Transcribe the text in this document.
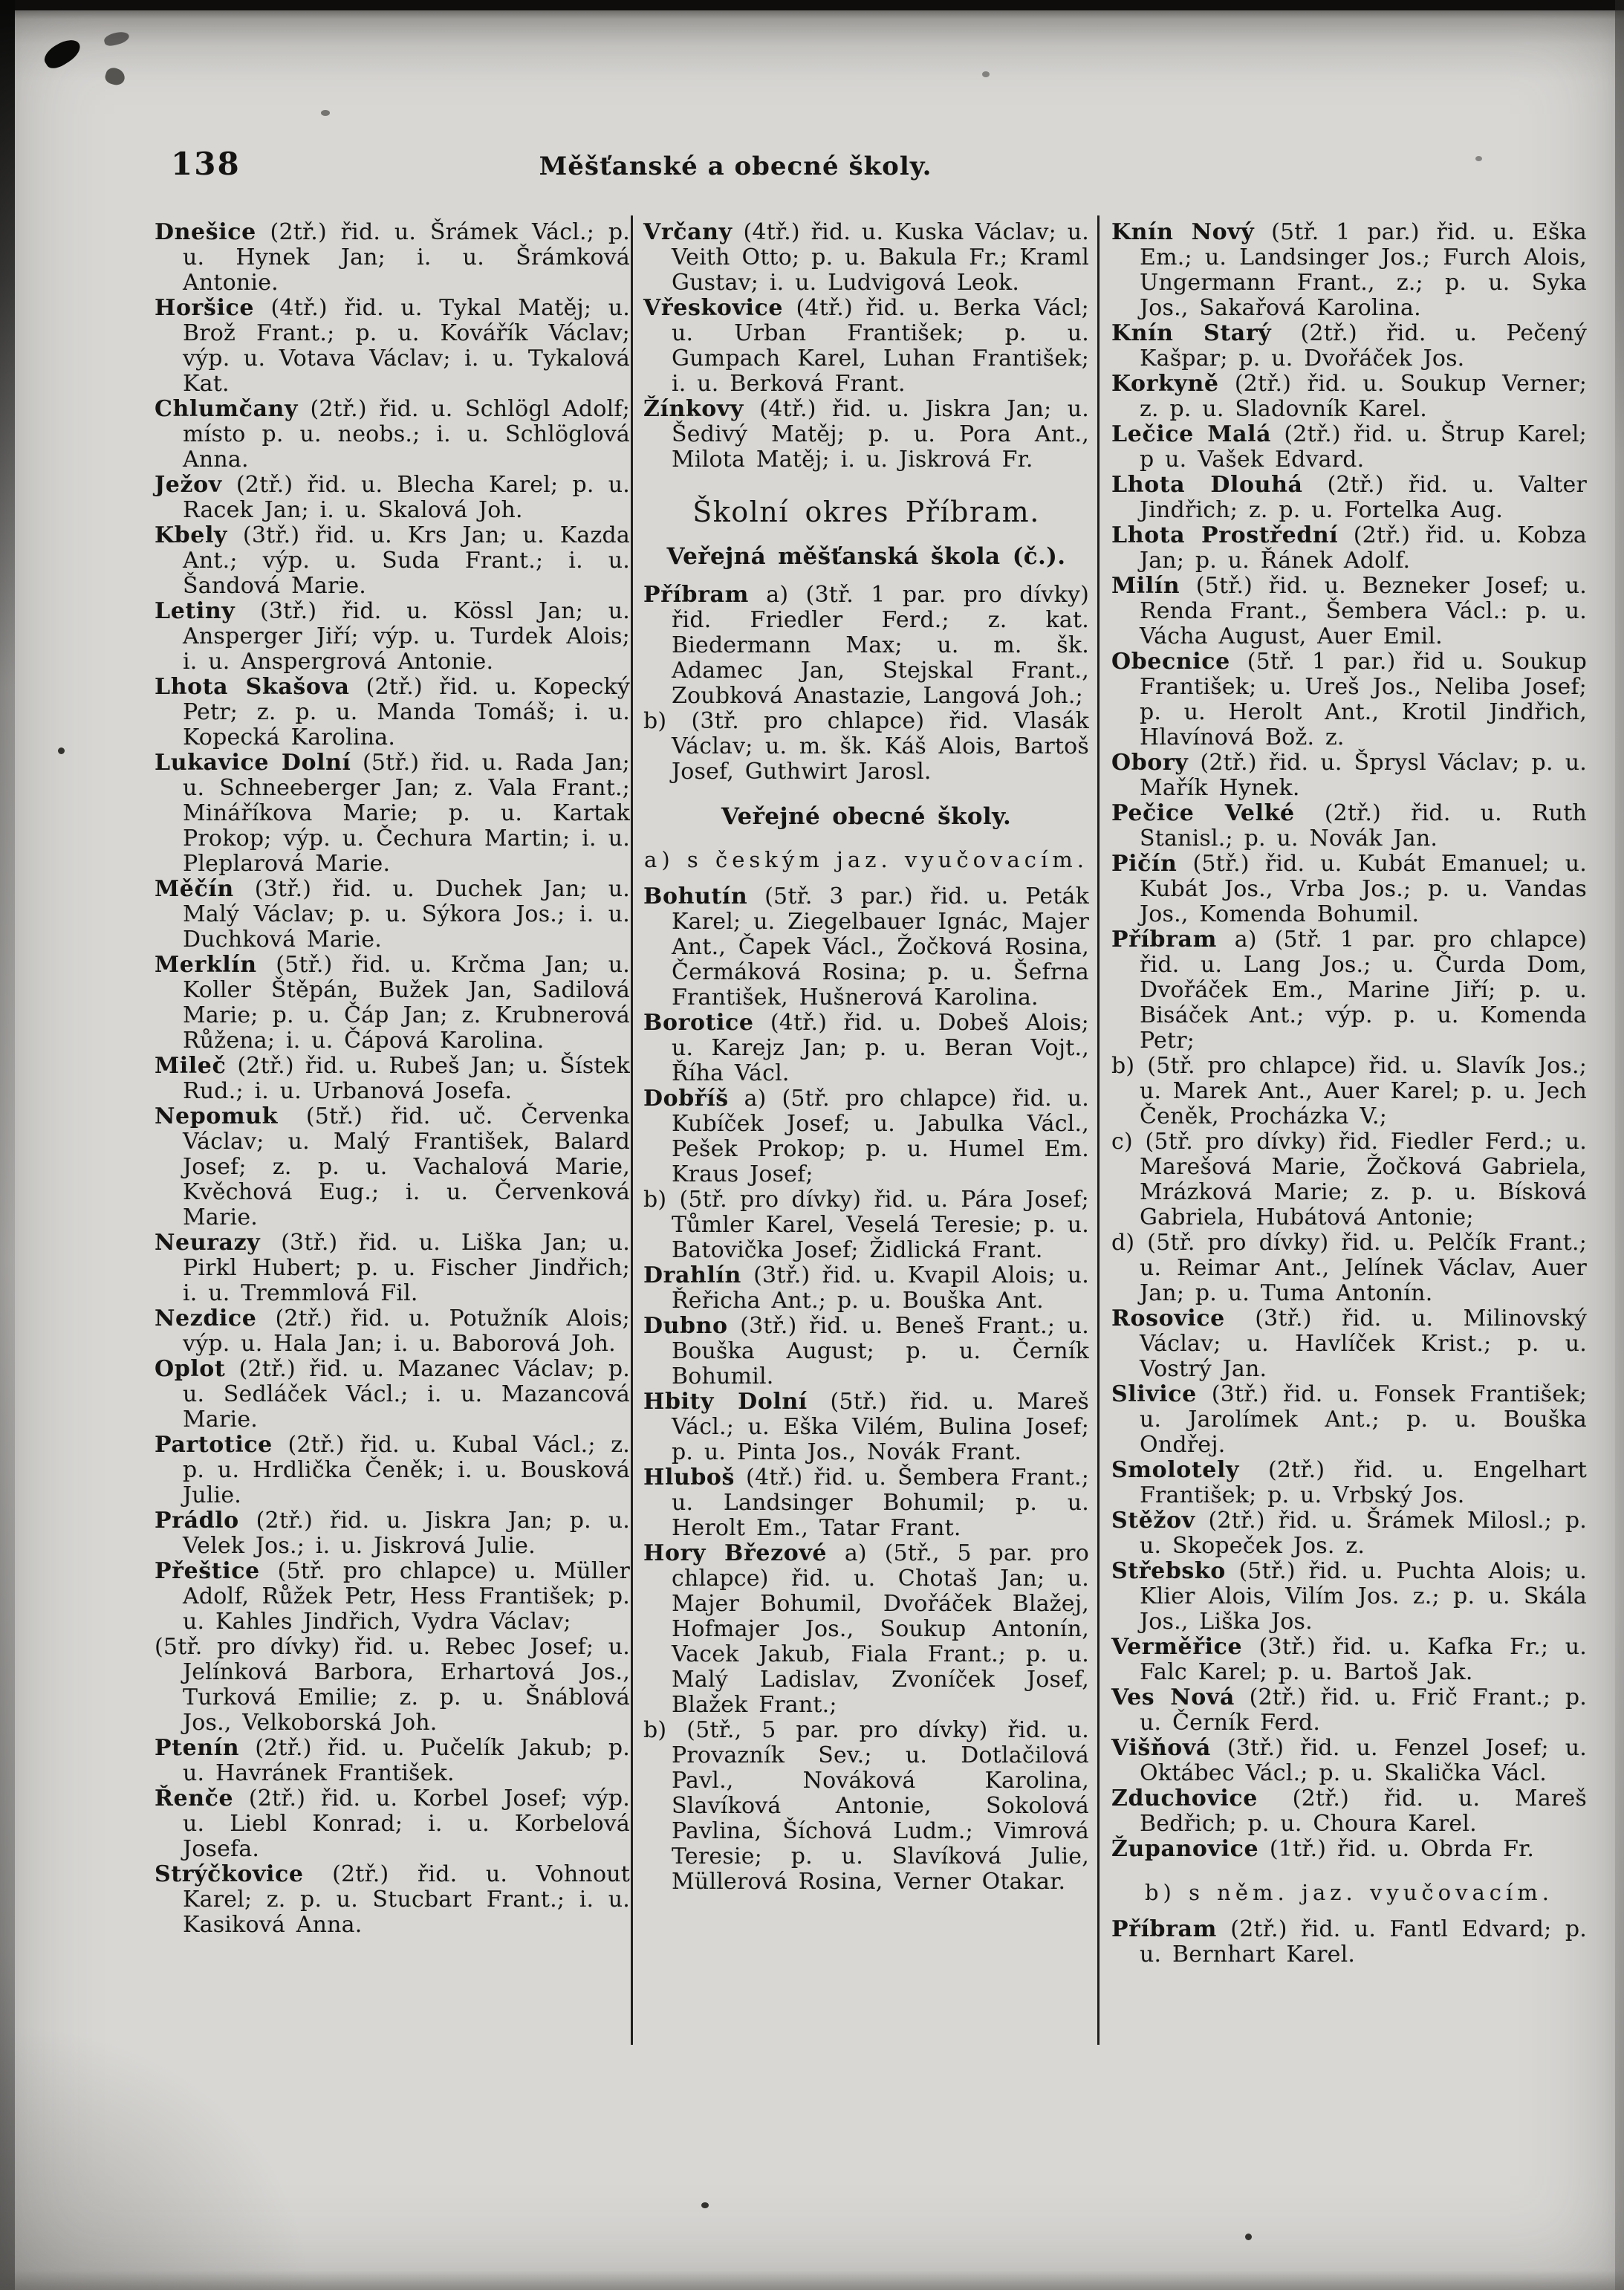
138	Měšťanské a obecné školy.

Dnešice (2tř.) řid. u. Šrámek Václ.; p. u. Hynek Jan; i. u. Šrámková Antonie.

Horšice (4tř.) řid. u. Tykal Matěj; u. Brož Frant.; p. u. Kovářík Václav; výp. u. Votava Václav; i. u. Tykalová Kat.

Chlumčany (2tř.) řid. u. Schlögl Adolf; místo p. u. neobs.; i. u. Schlöglová Anna.

Ježov (2tř.) řid. u. Blecha Karel; p. u. Racek Jan; i. u. Skalová Joh.

Kbely (3tř.) řid. u. Krs Jan; u. Kazda Ant.; výp. u. Suda Frant.; i. u. Šandová Marie.

Letiny (3tř.) řid. u. Kössl Jan; u. Ansperger Jiří; výp. u. Turdek Alois; i. u. Anspergrová Antonie.

Lhota Skašova (2tř.) řid. u. Kopecký Petr; z. p. u. Manda Tomáš; i. u. Kopecká Karolina.

Lukavice Dolní (5tř.) řid. u. Rada Jan; u. Schneeberger Jan; z. Vala Frant.; Mináříkova Marie; p. u. Kartak Prokop; výp. u. Čechura Martin; i. u. Pleplarová Marie.

Měčín (3tř.) řid. u. Duchek Jan; u. Malý Václav; p. u. Sýkora Jos.; i. u. Duchková Marie.

Merklín (5tř.) řid. u. Krčma Jan; u. Koller Štěpán, Bužek Jan, Sadilová Marie; p. u. Čáp Jan; z. Krubnerová Růžena; i. u. Čápová Karolina.

Mileč (2tř.) řid. u. Rubeš Jan; u. Šístek Rud.; i. u. Urbanová Josefa.

Nepomuk (5tř.) řid. uč. Červenka Václav; u. Malý František, Balard Josef; z. p. u. Vachalová Marie, Kvěchová Eug.; i. u. Červenková Marie.

Neurazy (3tř.) řid. u. Liška Jan; u. Pirkl Hubert; p. u. Fischer Jindřich; i. u. Tremmlová Fil.

Nezdice (2tř.) řid. u. Potužník Alois; výp. u. Hala Jan; i. u. Baborová Joh.

Oplot (2tř.) řid. u. Mazanec Václav; p. u. Sedláček Václ.; i. u. Mazancová Marie.

Partotice (2tř.) řid. u. Kubal Václ.; z. p. u. Hrdlička Čeněk; i. u. Bousková Julie.

Prádlo (2tř.) řid. u. Jiskra Jan; p. u. Velek Jos.; i. u. Jiskrová Julie.

Přeštice (5tř. pro chlapce) u. Müller Adolf, Růžek Petr, Hess František; p. u. Kahles Jindřich, Vydra Václav;

(5tř. pro dívky) řid. u. Rebec Josef; u. Jelínková Barbora, Erhartová Jos., Turková Emilie; z. p. u. Šnáblová Jos., Velkoborská Joh.

Ptenín (2tř.) řid. u. Pučelík Jakub; p. u. Havránek František.

Řenče (2tř.) řid. u. Korbel Josef; výp. u. Liebl Konrad; i. u. Korbelová Josefa.

Strýčkovice (2tř.) řid. u. Vohnout Karel; z. p. u. Stucbart Frant.; i. u. Kasiková Anna.

Vrčany (4tř.) řid. u. Kuska Václav; u. Veith Otto; p. u. Bakula Fr.; Kraml Gustav; i. u. Ludvigová Leok.

Vřeskovice (4tř.) řid. u. Berka Václ; u. Urban František; p. u. Gumpach Karel, Luhan František; i. u. Berková Frant.

Žínkovy (4tř.) řid. u. Jiskra Jan; u. Šedivý Matěj; p. u. Pora Ant., Milota Matěj; i. u. Jiskrová Fr.

Školní okres Příbram.

Veřejná měšťanská škola (č.).

Příbram a) (3tř. 1 par. pro dívky) řid. Friedler Ferd.; z. kat. Biedermann Max; u. m. šk. Adamec Jan, Stejskal Frant., Zoubková Anastazie, Langová Joh.;

b) (3tř. pro chlapce) řid. Vlasák Václav; u. m. šk. Káš Alois, Bartoš Josef, Guthwirt Jarosl.

Veřejné obecné školy.

a) s českým jaz. vyučovacím.

Bohutín (5tř. 3 par.) řid. u. Peták Karel; u. Ziegelbauer Ignác, Majer Ant., Čapek Václ., Žočková Rosina, Čermáková Rosina; p. u. Šefrna František, Hušnerová Karolina.

Borotice (4tř.) řid. u. Dobeš Alois; u. Karejz Jan; p. u. Beran Vojt., Říha Václ.

Dobříš a) (5tř. pro chlapce) řid. u. Kubíček Josef; u. Jabulka Václ., Pešek Prokop; p. u. Humel Em. Kraus Josef;

b) (5tř. pro dívky) řid. u. Pára Josef; Tůmler Karel, Veselá Teresie; p. u. Batovička Josef; Židlická Frant.

Drahlín (3tř.) řid. u. Kvapil Alois; u. Řeřicha Ant.; p. u. Bouška Ant.

Dubno (3tř.) řid. u. Beneš Frant.; u. Bouška August; p. u. Černík Bohumil.

Hbity Dolní (5tř.) řid. u. Mareš Václ.; u. Eška Vilém, Bulina Josef; p. u. Pinta Jos., Novák Frant.

Hluboš (4tř.) řid. u. Šembera Frant.; u. Landsinger Bohumil; p. u. Herolt Em., Tatar Frant.

Hory Březové a) (5tř., 5 par. pro chlapce) řid. u. Chotaš Jan; u. Majer Bohumil, Dvořáček Blažej, Hofmajer Jos., Soukup Antonín, Vacek Jakub, Fiala Frant.; p. u. Malý Ladislav, Zvoníček Josef, Blažek Frant.;

b) (5tř., 5 par. pro dívky) řid. u. Provazník Sev.; u. Dotlačilová Pavl., Nováková Karolina, Slavíková Antonie, Sokolová Pavlina, Šíchová Ludm.; Vimrová Teresie; p. u. Slavíková Julie, Müllerová Rosina, Verner Otakar.

Knín Nový (5tř. 1 par.) řid. u. Eška Em.; u. Landsinger Jos.; Furch Alois, Ungermann Frant., z.; p. u. Syka Jos., Sakařová Karolina.

Knín Starý (2tř.) řid. u. Pečený Kašpar; p. u. Dvořáček Jos.

Korkyně (2tř.) řid. u. Soukup Verner; z. p. u. Sladovník Karel.

Lečice Malá (2tř.) řid. u. Štrup Karel; p u. Vašek Edvard.

Lhota Dlouhá (2tř.) řid. u. Valter Jindřich; z. p. u. Fortelka Aug.

Lhota Prostřední (2tř.) řid. u. Kobza Jan; p. u. Řánek Adolf.

Milín (5tř.) řid. u. Bezneker Josef; u. Renda Frant., Šembera Václ.: p. u. Vácha August, Auer Emil.

Obecnice (5tř. 1 par.) řid u. Soukup František; u. Ureš Jos., Neliba Josef; p. u. Herolt Ant., Krotil Jindřich, Hlavínová Bož. z.

Obory (2tř.) řid. u. Šprysl Václav; p. u. Mařík Hynek.

Pečice Velké (2tř.) řid. u. Ruth Stanisl.; p. u. Novák Jan.

Pičín (5tř.) řid. u. Kubát Emanuel; u. Kubát Jos., Vrba Jos.; p. u. Vandas Jos., Komenda Bohumil.

Příbram a) (5tř. 1 par. pro chlapce) řid. u. Lang Jos.; u. Čurda Dom, Dvořáček Em., Marine Jiří; p. u. Bisáček Ant.; výp. p. u. Komenda Petr;

b) (5tř. pro chlapce) řid. u. Slavík Jos.; u. Marek Ant., Auer Karel; p. u. Jech Čeněk, Procházka V.;

c) (5tř. pro dívky) řid. Fiedler Ferd.; u. Marešová Marie, Žočková Gabriela, Mrázková Marie; z. p. u. Bísková Gabriela, Hubátová Antonie;

d) (5tř. pro dívky) řid. u. Pelčík Frant.; u. Reimar Ant., Jelínek Václav, Auer Jan; p. u. Tuma Antonín.

Rosovice (3tř.) řid. u. Milinovský Václav; u. Havlíček Krist.; p. u. Vostrý Jan.

Slivice (3tř.) řid. u. Fonsek František; u. Jarolímek Ant.; p. u. Bouška Ondřej.

Smolotely (2tř.) řid. u. Engelhart František; p. u. Vrbský Jos.

Stěžov (2tř.) řid. u. Šrámek Milosl.; p. u. Skopeček Jos. z.

Střebsko (5tř.) řid. u. Puchta Alois; u. Klier Alois, Vilím Jos. z.; p. u. Skála Jos., Liška Jos.

Verměřice (3tř.) řid. u. Kafka Fr.; u. Falc Karel; p. u. Bartoš Jak.

Ves Nová (2tř.) řid. u. Frič Frant.; p. u. Černík Ferd.

Višňová (3tř.) řid. u. Fenzel Josef; u. Oktábec Václ.; p. u. Skalička Václ.

Zduchovice (2tř.) řid. u. Mareš Bedřich; p. u. Choura Karel.

Županovice (1tř.) řid. u. Obrda Fr.

b) s něm. jaz. vyučovacím.

Příbram (2tř.) řid. u. Fantl Edvard; p. u. Bernhart Karel.
